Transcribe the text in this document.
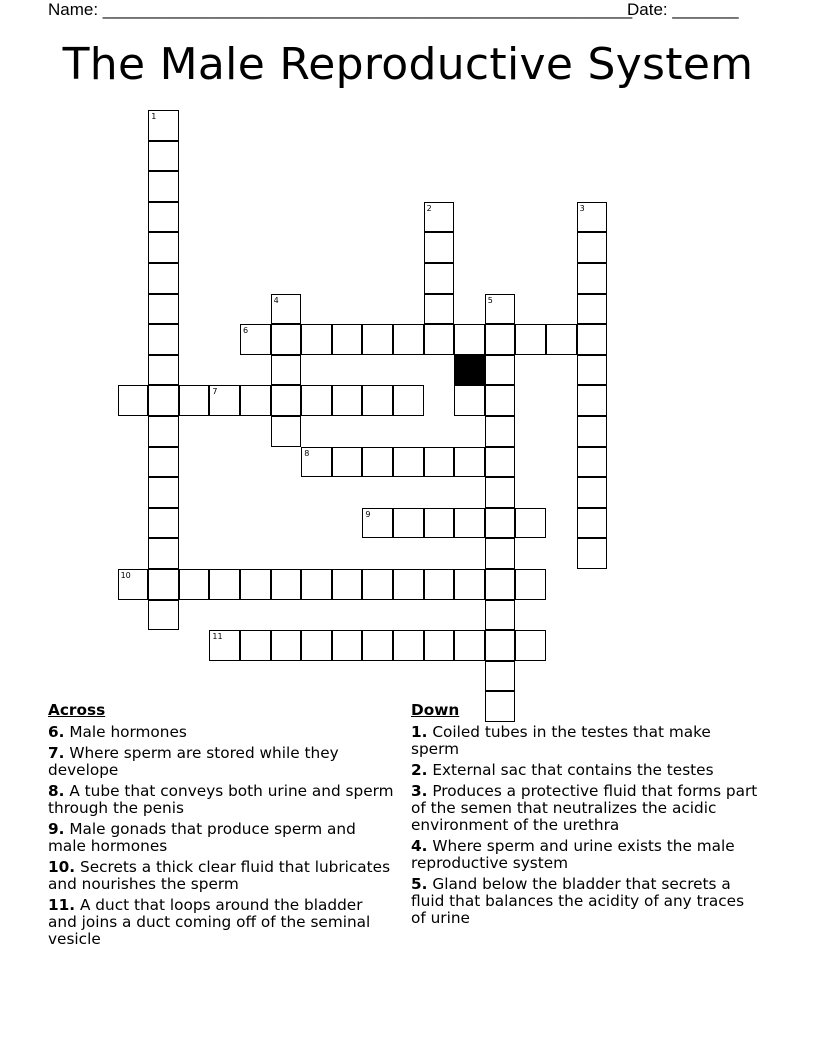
Name: ________________________________________________________
Date: _______
The Male Reproductive System
1
2	3
4	5
6
7
8
9
10
11
Across
6. Male hormones
7. Where sperm are stored while they develope
8. A tube that conveys both urine and sperm through the penis
9. Male gonads that produce sperm and male hormones
10. Secrets a thick clear fluid that lubricates and nourishes the sperm
11. A duct that loops around the bladder and joins a duct coming off of the seminal vesicle
Down
1. Coiled tubes in the testes that make sperm
2. External sac that contains the testes
3. Produces a protective fluid that forms part of the semen that neutralizes the acidic environment of the urethra
4. Where sperm and urine exists the male reproductive system
5. Gland below the bladder that secrets a fluid that balances the acidity of any traces of urine
